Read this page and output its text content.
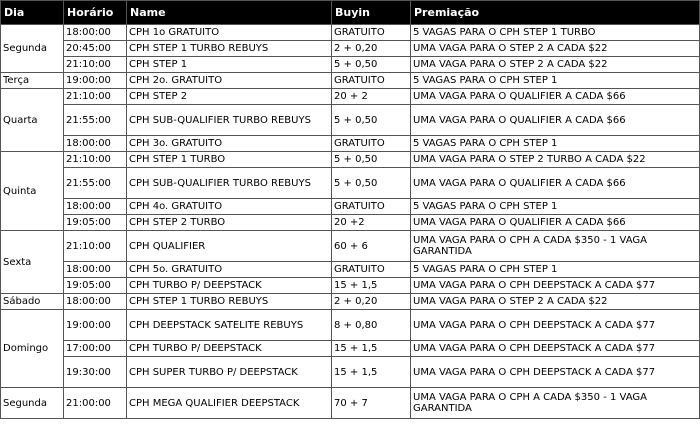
Dia	Horário	Name	Buyin	Premiação
Segunda	18:00:00	CPH 1o GRATUITO	GRATUITO	5 VAGAS PARA O CPH STEP 1 TURBO
	20:45:00	CPH STEP 1 TURBO REBUYS	2 + 0,20	UMA VAGA PARA O STEP 2 A CADA $22
	21:10:00	CPH STEP 1	5 + 0,50	UMA VAGA PARA O STEP 2 A CADA $22
Terça	19:00:00	CPH 2o. GRATUITO	GRATUITO	5 VAGAS PARA O CPH STEP 1
Quarta	21:10:00	CPH STEP 2	20 + 2	UMA VAGA PARA O QUALIFIER A CADA $66
	21:55:00	CPH SUB-QUALIFIER TURBO REBUYS	5 + 0,50	UMA VAGA PARA O QUALIFIER A CADA $66
	18:00:00	CPH 3o. GRATUITO	GRATUITO	5 VAGAS PARA O CPH STEP 1
Quinta	21:10:00	CPH STEP 1 TURBO	5 + 0,50	UMA VAGA PARA O STEP 2 TURBO A CADA $22
	21:55:00	CPH SUB-QUALIFIER TURBO REBUYS	5 + 0,50	UMA VAGA PARA O QUALIFIER A CADA $66
	18:00:00	CPH 4o. GRATUITO	GRATUITO	5 VAGAS PARA O CPH STEP 1
	19:05:00	CPH STEP 2 TURBO	20 +2	UMA VAGA PARA O QUALIFIER A CADA $66
Sexta	21:10:00	CPH QUALIFIER	60 + 6	UMA VAGA PARA O CPH A CADA $350 - 1 VAGA GARANTIDA
	18:00:00	CPH 5o. GRATUITO	GRATUITO	5 VAGAS PARA O CPH STEP 1
	19:05:00	CPH TURBO P/ DEEPSTACK	15 + 1,5	UMA VAGA PARA O CPH DEEPSTACK A CADA $77
Sábado	18:00:00	CPH STEP 1 TURBO REBUYS	2 + 0,20	UMA VAGA PARA O STEP 2 A CADA $22
Domingo	19:00:00	CPH DEEPSTACK SATELITE REBUYS	8 + 0,80	UMA VAGA PARA O CPH DEEPSTACK A CADA $77
	17:00:00	CPH TURBO P/ DEEPSTACK	15 + 1,5	UMA VAGA PARA O CPH DEEPSTACK A CADA $77
	19:30:00	CPH SUPER TURBO P/ DEEPSTACK	15 + 1,5	UMA VAGA PARA O CPH DEEPSTACK A CADA $77
Segunda	21:00:00	CPH MEGA QUALIFIER DEEPSTACK	70 + 7	UMA VAGA PARA O CPH A CADA $350 - 1 VAGA GARANTIDA
